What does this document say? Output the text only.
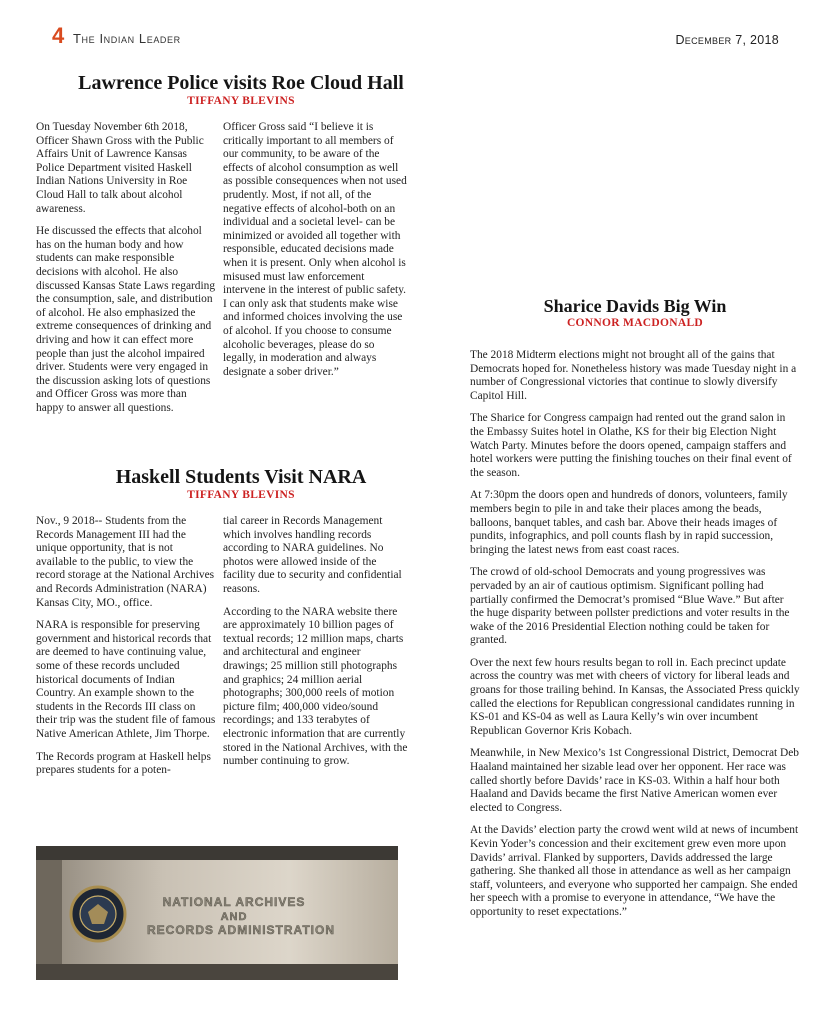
4 The Indian Leader	December 7, 2018
Lawrence Police visits Roe Cloud Hall
TIFFANY BLEVINS

On Tuesday November 6th 2018, Officer Shawn Gross with the Public Affairs Unit of Lawrence Kansas Police Department visited Haskell Indian Nations University in Roe Cloud Hall to talk about alcohol awareness.

He discussed the effects that alcohol has on the human body and how students can make responsible decisions with alcohol. He also discussed Kansas State Laws regarding the consumption, sale, and distribution of alcohol. He also emphasized the extreme consequences of drinking and driving and how it can effect more people than just the alcohol impaired driver. Students were very engaged in the discussion asking lots of questions and Officer Gross was more than happy to answer all questions.

Officer Gross said “I believe it is critically important to all members of our community, to be aware of the effects of alcohol consumption as well as possible consequences when not used prudently. Most, if not all, of the negative effects of alcohol-both on an individual and a societal level- can be minimized or avoided all together with responsible, educated decisions made when it is present. Only when alcohol is misused must law enforcement intervene in the interest of public safety. I can only ask that students make wise and informed choices involving the use of alcohol. If you choose to consume alcoholic beverages, please do so legally, in moderation and always designate a sober driver.”

Haskell Students Visit NARA
TIFFANY BLEVINS

Nov., 9 2018-- Students from the Records Management III had the unique opportunity, that is not available to the public, to view the record storage at the National Archives and Records Administration (NARA) Kansas City, MO., office.

NARA is responsible for preserving government and historical records that are deemed to have continuing value, some of these records uncluded historical documents of Indian Country. An example shown to the students in the Records III class on their trip was the student file of famous Native American Athlete, Jim Thorpe.

The Records program at Haskell helps prepares students for a poten-

tial career in Records Management which involves handling records according to NARA guidelines. No photos were allowed inside of the facility due to security and confidential reasons.

According to the NARA website there are approximately 10 billion pages of textual records; 12 million maps, charts and architectural and engineer drawings; 25 million still photographs and graphics; 24 million aerial photographs; 300,000 reels of motion picture film; 400,000 video/sound recordings; and 133 terabytes of electronic information that are currently stored in the National Archives, with the number continuing to grow.

NATIONAL ARCHIVES
AND
RECORDS ADMINISTRATION
Sharice Davids Big Win
CONNOR MACDONALD

The 2018 Midterm elections might not brought all of the gains that Democrats hoped for. Nonetheless history was made Tuesday night in a number of Congressional victories that continue to slowly diversify Capitol Hill.

The Sharice for Congress campaign had rented out the grand salon in the Embassy Suites hotel in Olathe, KS for their big Election Night Watch Party. Minutes before the doors opened, campaign staffers and hotel workers were putting the finishing touches on their final event of the season.

At 7:30pm the doors open and hundreds of donors, volunteers, family members begin to pile in and take their places among the beads, balloons, banquet tables, and cash bar. Above their heads images of pundits, infographics, and poll counts flash by in rapid succession, bringing the latest news from east coast races.

The crowd of old-school Democrats and young progressives was pervaded by an air of cautious optimism. Significant polling had partially confirmed the Democrat’s promised “Blue Wave.” But after the huge disparity between pollster predictions and voter results in the wake of the 2016 Presidential Election nothing could be taken for granted.

Over the next few hours results began to roll in. Each precinct update across the country was met with cheers of victory for liberal leads and groans for those trailing behind. In Kansas, the Associated Press quickly called the elections for Republican congressional candidates running in KS-01 and KS-04 as well as Laura Kelly’s win over incumbent Republican Governor Kris Kobach.

Meanwhile, in New Mexico’s 1st Congressional District, Democrat Deb Haaland maintained her sizable lead over her opponent. Her race was called shortly before Davids’ race in KS-03. Within a half hour both Haaland and Davids became the first Native American women ever elected to Congress.

At the Davids’ election party the crowd went wild at news of incumbent Kevin Yoder’s concession and their excitement grew even more upon Davids’ arrival. Flanked by supporters, Davids addressed the large gathering. She thanked all those in attendance as well as her campaign staff, volunteers, and everyone who supported her campaign. She ended her speech with a promise to everyone in attendance, “We have the opportunity to reset expectations.”
